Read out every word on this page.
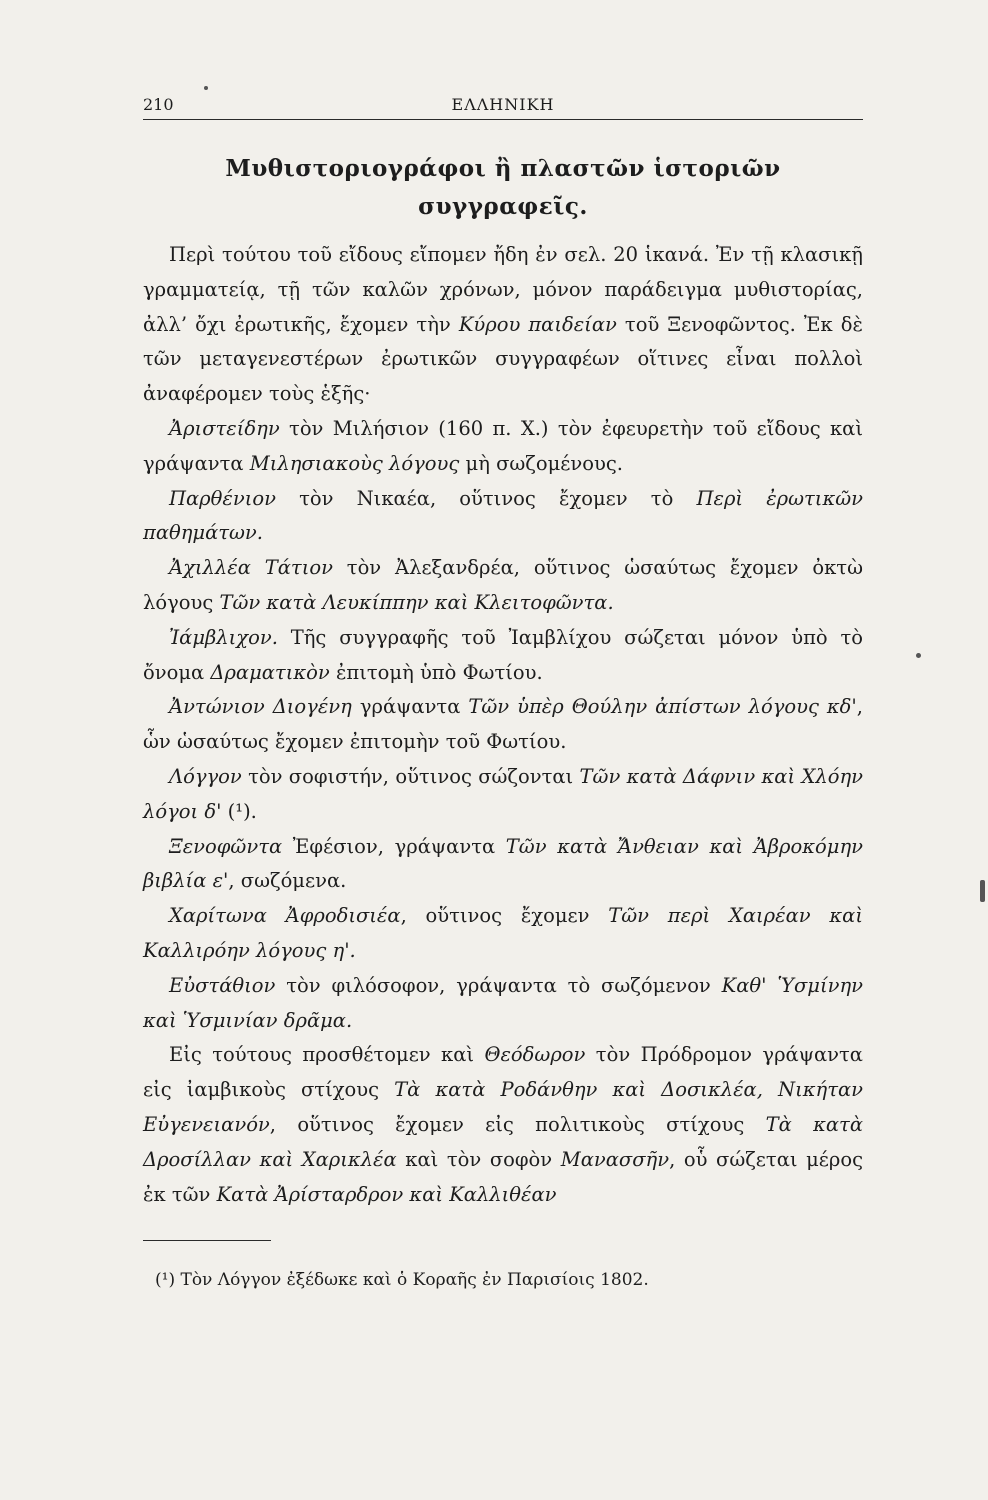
210	ΕΛΛΗΝΙΚΗ
Μυθιστοριογράφοι ἢ πλαστῶν ἱστοριῶν
συγγραφεῖς.

Περὶ τούτου τοῦ εἴδους εἴπομεν ἤδη ἐν σελ. 20 ἱκανά. Ἐν τῇ κλασικῇ γραμματείᾳ, τῇ τῶν καλῶν χρόνων, μόνον παράδειγμα μυθιστορίας, ἀλλ’ ὄχι ἐρωτικῆς, ἔχομεν τὴν Κύρου παιδείαν τοῦ Ξενοφῶντος. Ἐκ δὲ τῶν μεταγενεστέρων ἐρωτικῶν συγγραφέων οἵτινες εἶναι πολλοὶ ἀναφέρομεν τοὺς ἑξῆς·

Ἀριστείδην τὸν Μιλήσιον (160 π. Χ.) τὸν ἐφευρετὴν τοῦ εἴδους καὶ γράψαντα Μιλησιακοὺς λόγους μὴ σωζομένους.

Παρθένιον τὸν Νικαέα, οὕτινος ἔχομεν τὸ Περὶ ἐρωτικῶν παθημάτων.

Ἀχιλλέα Τάτιον τὸν Ἀλεξανδρέα, οὕτινος ὡσαύτως ἔχομεν ὀκτὼ λόγους Τῶν κατὰ Λευκίππην καὶ Κλειτοφῶντα.

Ἰάμβλιχον. Τῆς συγγραφῆς τοῦ Ἰαμβλίχου σώζεται μόνον ὑπὸ τὸ ὄνομα Δραματικὸν ἐπιτομὴ ὑπὸ Φωτίου.

Ἀντώνιον Διογένη γράψαντα Τῶν ὑπὲρ Θούλην ἀπίστων λόγους κδ', ὧν ὡσαύτως ἔχομεν ἐπιτομὴν τοῦ Φωτίου.

Λόγγον τὸν σοφιστήν, οὕτινος σώζονται Τῶν κατὰ Δάφνιν καὶ Χλόην λόγοι δ' (¹).

Ξενοφῶντα Ἐφέσιον, γράψαντα Τῶν κατὰ Ἄνθειαν καὶ Ἀβροκόμην βιβλία ε', σωζόμενα.

Χαρίτωνα Ἀφροδισιέα, οὕτινος ἔχομεν Τῶν περὶ Χαιρέαν καὶ Καλλιρόην λόγους η'.

Εὐστάθιον τὸν φιλόσοφον, γράψαντα τὸ σωζόμενον Καθ' Ὑσμίνην καὶ Ὑσμινίαν δρᾶμα.

Εἰς τούτους προσθέτομεν καὶ Θεόδωρον τὸν Πρόδρομον γράψαντα εἰς ἰαμβικοὺς στίχους Τὰ κατὰ Ροδάνθην καὶ Δοσικλέα, Νικήταν Εὐγενειανόν, οὕτινος ἔχομεν εἰς πολιτικοὺς στίχους Τὰ κατὰ Δροσίλλαν καὶ Χαρικλέα καὶ τὸν σοφὸν Μανασσῆν, οὗ σώζεται μέρος ἐκ τῶν Κατὰ Ἀρίσταρδρον καὶ Καλλιθέαν

(¹) Τὸν Λόγγον ἐξέδωκε καὶ ὁ Κοραῆς ἐν Παρισίοις 1802.
